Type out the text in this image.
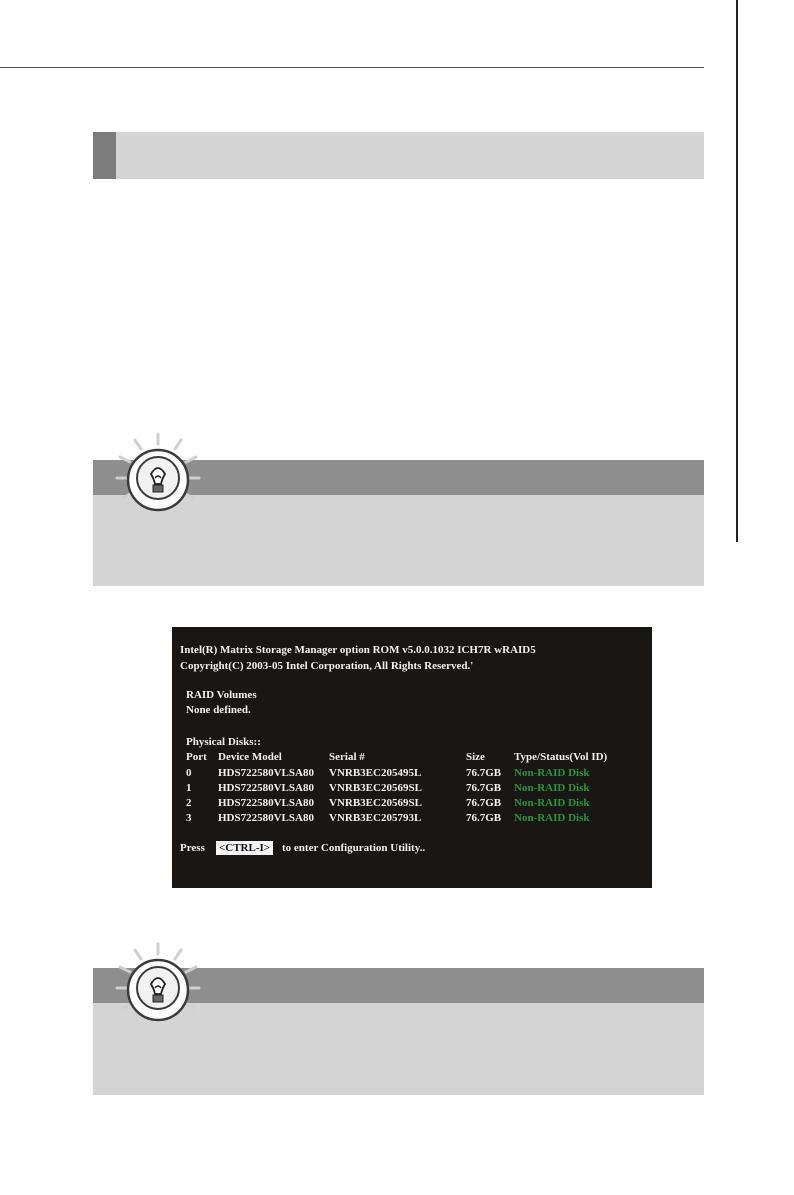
Intel(R) Matrix Storage Manager option ROM v5.0.0.1032 ICH7R wRAID5
Copyright(C) 2003-05 Intel Corporation, All Rights Reserved.'
RAID Volumes
None defined.
Physical Disks::
Port Device Model	Serial #	Size	Type/Status(Vol ID)
0 HDS722580VLSA80 VNRB3EC205495L	76.7GB Non-RAID Disk
1 HDS722580VLSA80 VNRB3EC20569SL	76.7GB Non-RAID Disk
2 HDS722580VLSA80 VNRB3EC20569SL	76.7GB Non-RAID Disk
3 HDS722580VLSA80 VNRB3EC205793L	76.7GB Non-RAID Disk
Press <CTRL-I> to enter Configuration Utility..
